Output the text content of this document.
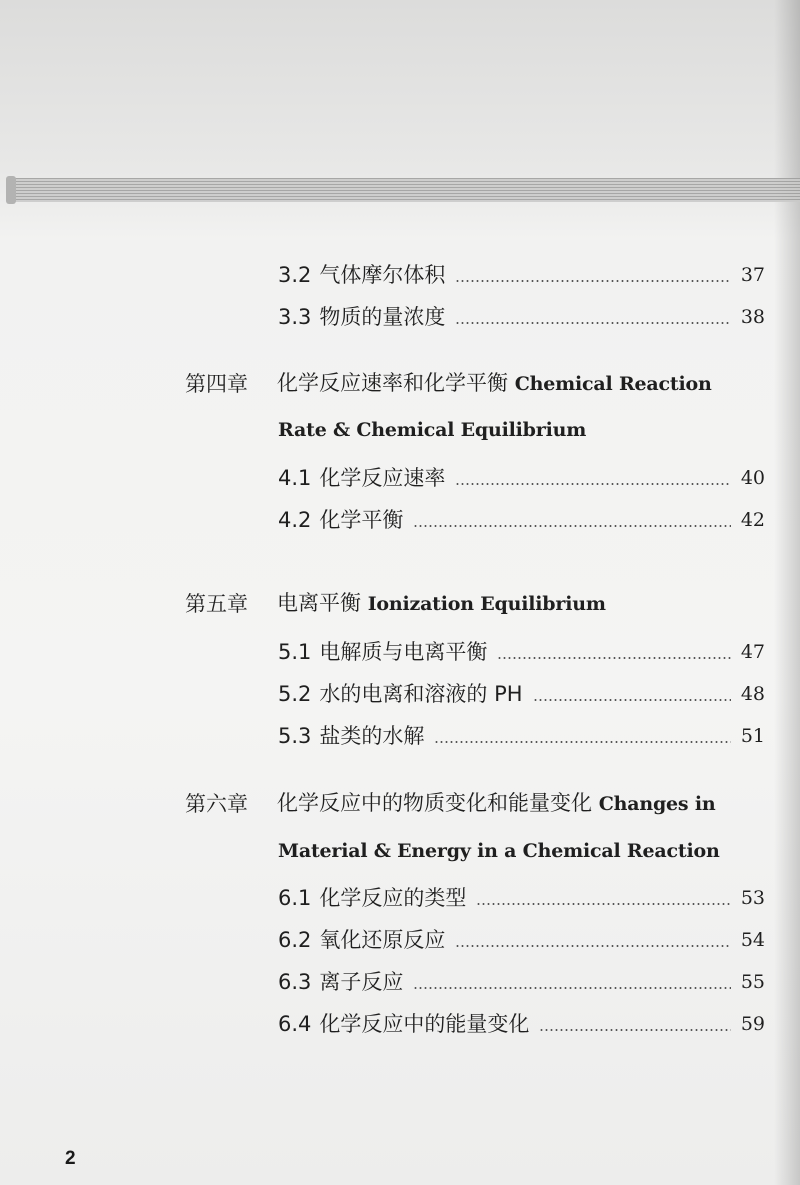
3.2 气体摩尔体积	37
3.3 物质的量浓度	38
第四章	化学反应速率和化学平衡 Chemical Reaction
Rate & Chemical Equilibrium
4.1 化学反应速率	40
4.2 化学平衡	42
第五章	电离平衡 Ionization Equilibrium
5.1 电解质与电离平衡	47
5.2 水的电离和溶液的 PH	48
5.3 盐类的水解	51
第六章	化学反应中的物质变化和能量变化 Changes in
Material & Energy in a Chemical Reaction
6.1 化学反应的类型	53
6.2 氧化还原反应	54
6.3 离子反应	55
6.4 化学反应中的能量变化	59
2
